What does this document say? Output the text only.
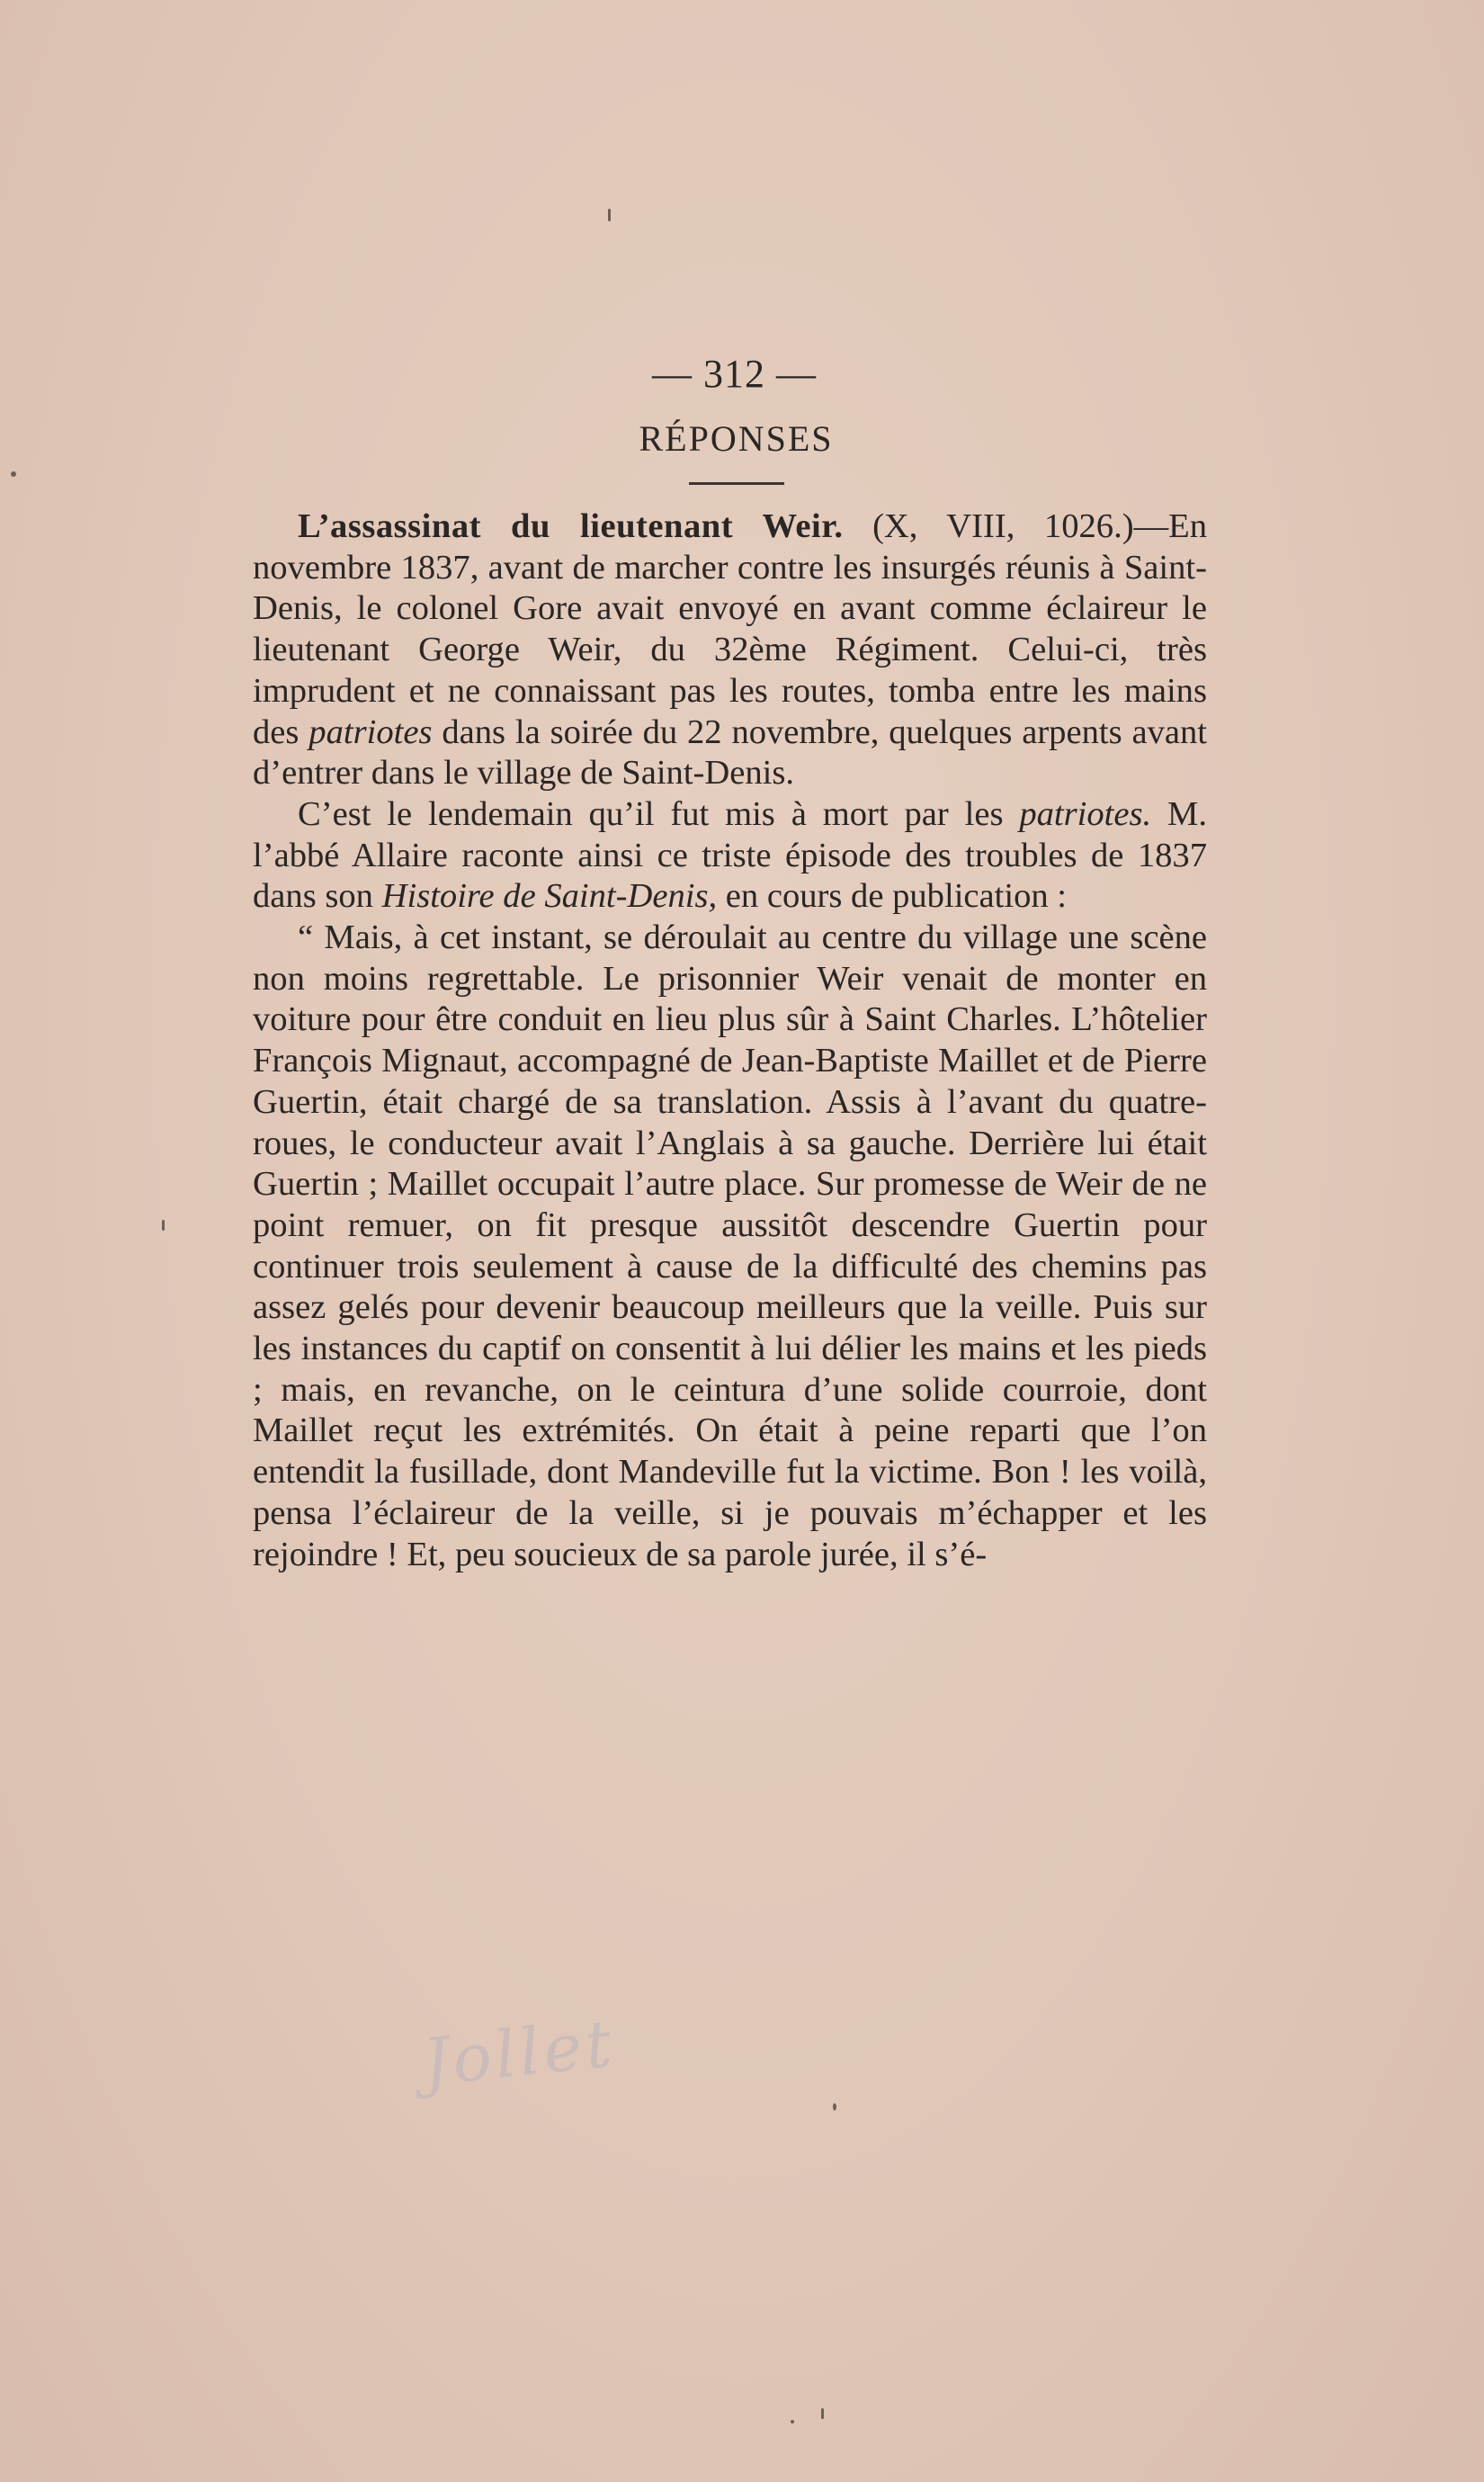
— 312 —
RÉPONSES

L’assassinat du lieutenant Weir. (X, VIII, 1026.)—En novembre 1837, avant de marcher contre les insurgés réunis à Saint-Denis, le colonel Gore avait envoyé en avant comme éclaireur le lieutenant George Weir, du 32ème Régiment. Celui-ci, très imprudent et ne connaissant pas les routes, tomba entre les mains des patriotes dans la soirée du 22 novembre, quelques arpents avant d’entrer dans le village de Saint-Denis.

C’est le lendemain qu’il fut mis à mort par les patriotes. M. l’abbé Allaire raconte ainsi ce triste épisode des troubles de 1837 dans son Histoire de Saint-Denis, en cours de publication :

“ Mais, à cet instant, se déroulait au centre du village une scène non moins regrettable. Le prisonnier Weir venait de monter en voiture pour être conduit en lieu plus sûr à Saint Charles. L’hôtelier François Mignaut, accompagné de Jean-Baptiste Maillet et de Pierre Guertin, était chargé de sa translation. Assis à l’avant du quatre-roues, le conducteur avait l’Anglais à sa gauche. Derrière lui était Guertin ; Maillet occupait l’autre place. Sur promesse de Weir de ne point remuer, on fit presque aussitôt descendre Guertin pour continuer trois seulement à cause de la difficulté des chemins pas assez gelés pour devenir beaucoup meilleurs que la veille. Puis sur les instances du captif on consentit à lui délier les mains et les pieds ; mais, en revanche, on le ceintura d’une solide courroie, dont Maillet reçut les extrémités. On était à peine reparti que l’on entendit la fusillade, dont Mandeville fut la victime. Bon ! les voilà, pensa l’éclaireur de la veille, si je pouvais m’échapper et les rejoindre ! Et, peu soucieux de sa parole jurée, il s’é-

Jollet
